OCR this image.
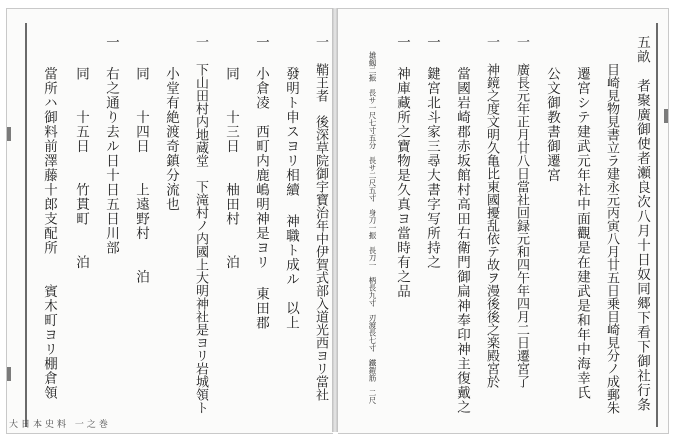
一 鞘王者　後深草院御宇寶治年中伊賀式部入道光西ヨリ當社
　 發明ト申スヨリ相續 神職ト成ル　以上
一 小倉凌　西町内鹿嶋明神是ヨリ 東田郡
　 同　　十三日　　柚田村　　泊
一 下山田村内地蔵堂　下滝村ノ内國上大明神社是ヨリ岩城領ト
　 小堂有絶渡奇鎮分流也
　 同　　十四日　　上遠野村　　泊
一 右之通り去ル日十日五日川部
　 同　　十五日　　竹貫町　　泊
　 當所ハ御料前澤藤十郎支配所　　賓木町ヨリ棚倉領
大日本史料 一之巻
五畝　者聚廣御使者瀬良次八月十日奴同郷下看下御社行条
　 目崎見物見書立ラ建永元丙寅八月廿五日乗目崎見分ノ成郵朱
　 遷宮シテ建武元年社中面觀是在建武是和年中海幸氏
　 公文御教書御遷宮
一 廣長元年正月廿八日當社回録元和四午年四月二日遷宮了
一 神鏡之度文明久亀比東國擾乱依テ故ヲ漫後後之楽殿宮於
　 當國岩崎郡赤坂館村高田右衛門御扁神奉印神主復戴之
一 鍵宮北斗家三尋大書字写所持之
一 神庫藏所之寶物是久真ヨ當時有之品
　 雄劔二振　長サ一尺七寸五分　長サ二尺五寸　身刀一振　長刀一　柄長九寸　刃渡長七寸　鐵鎧筋　二尺
